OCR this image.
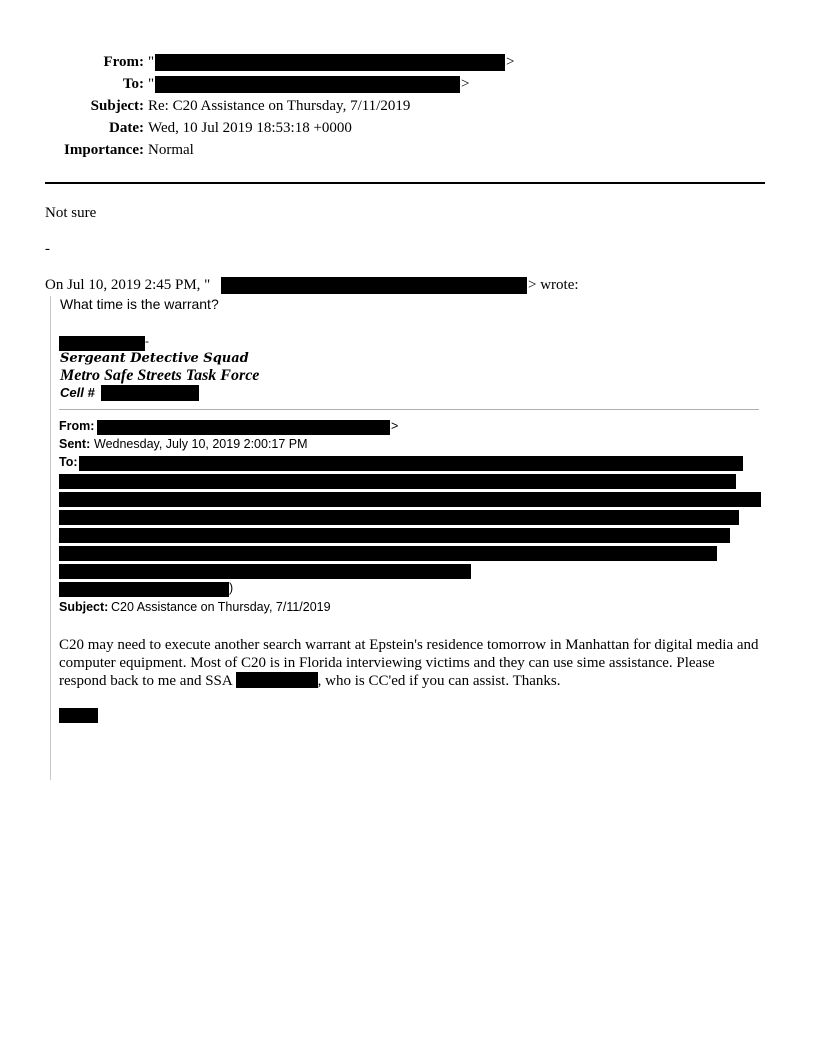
From: "	>
To: "	>
Subject: Re: C20 Assistance on Thursday, 7/11/2019
Date: Wed, 10 Jul 2019 18:53:18 +0000
Importance: Normal
Not sure
-
On Jul 10, 2019 2:45 PM, "	> wrote:
What time is the warrant?
-
Sergeant Detective Squad
Metro Safe Streets Task Force
Cell #
From:	>
Sent: Wednesday, July 10, 2019 2:00:17 PM
To:
)
Subject: C20 Assistance on Thursday, 7/11/2019
C20 may need to execute another search warrant at Epstein's residence tomorrow in Manhattan for digital media and computer equipment. Most of C20 is in Florida interviewing victims and they can use sime assistance. Please respond back to me and SSA	, who is CC'ed if you can assist. Thanks.
